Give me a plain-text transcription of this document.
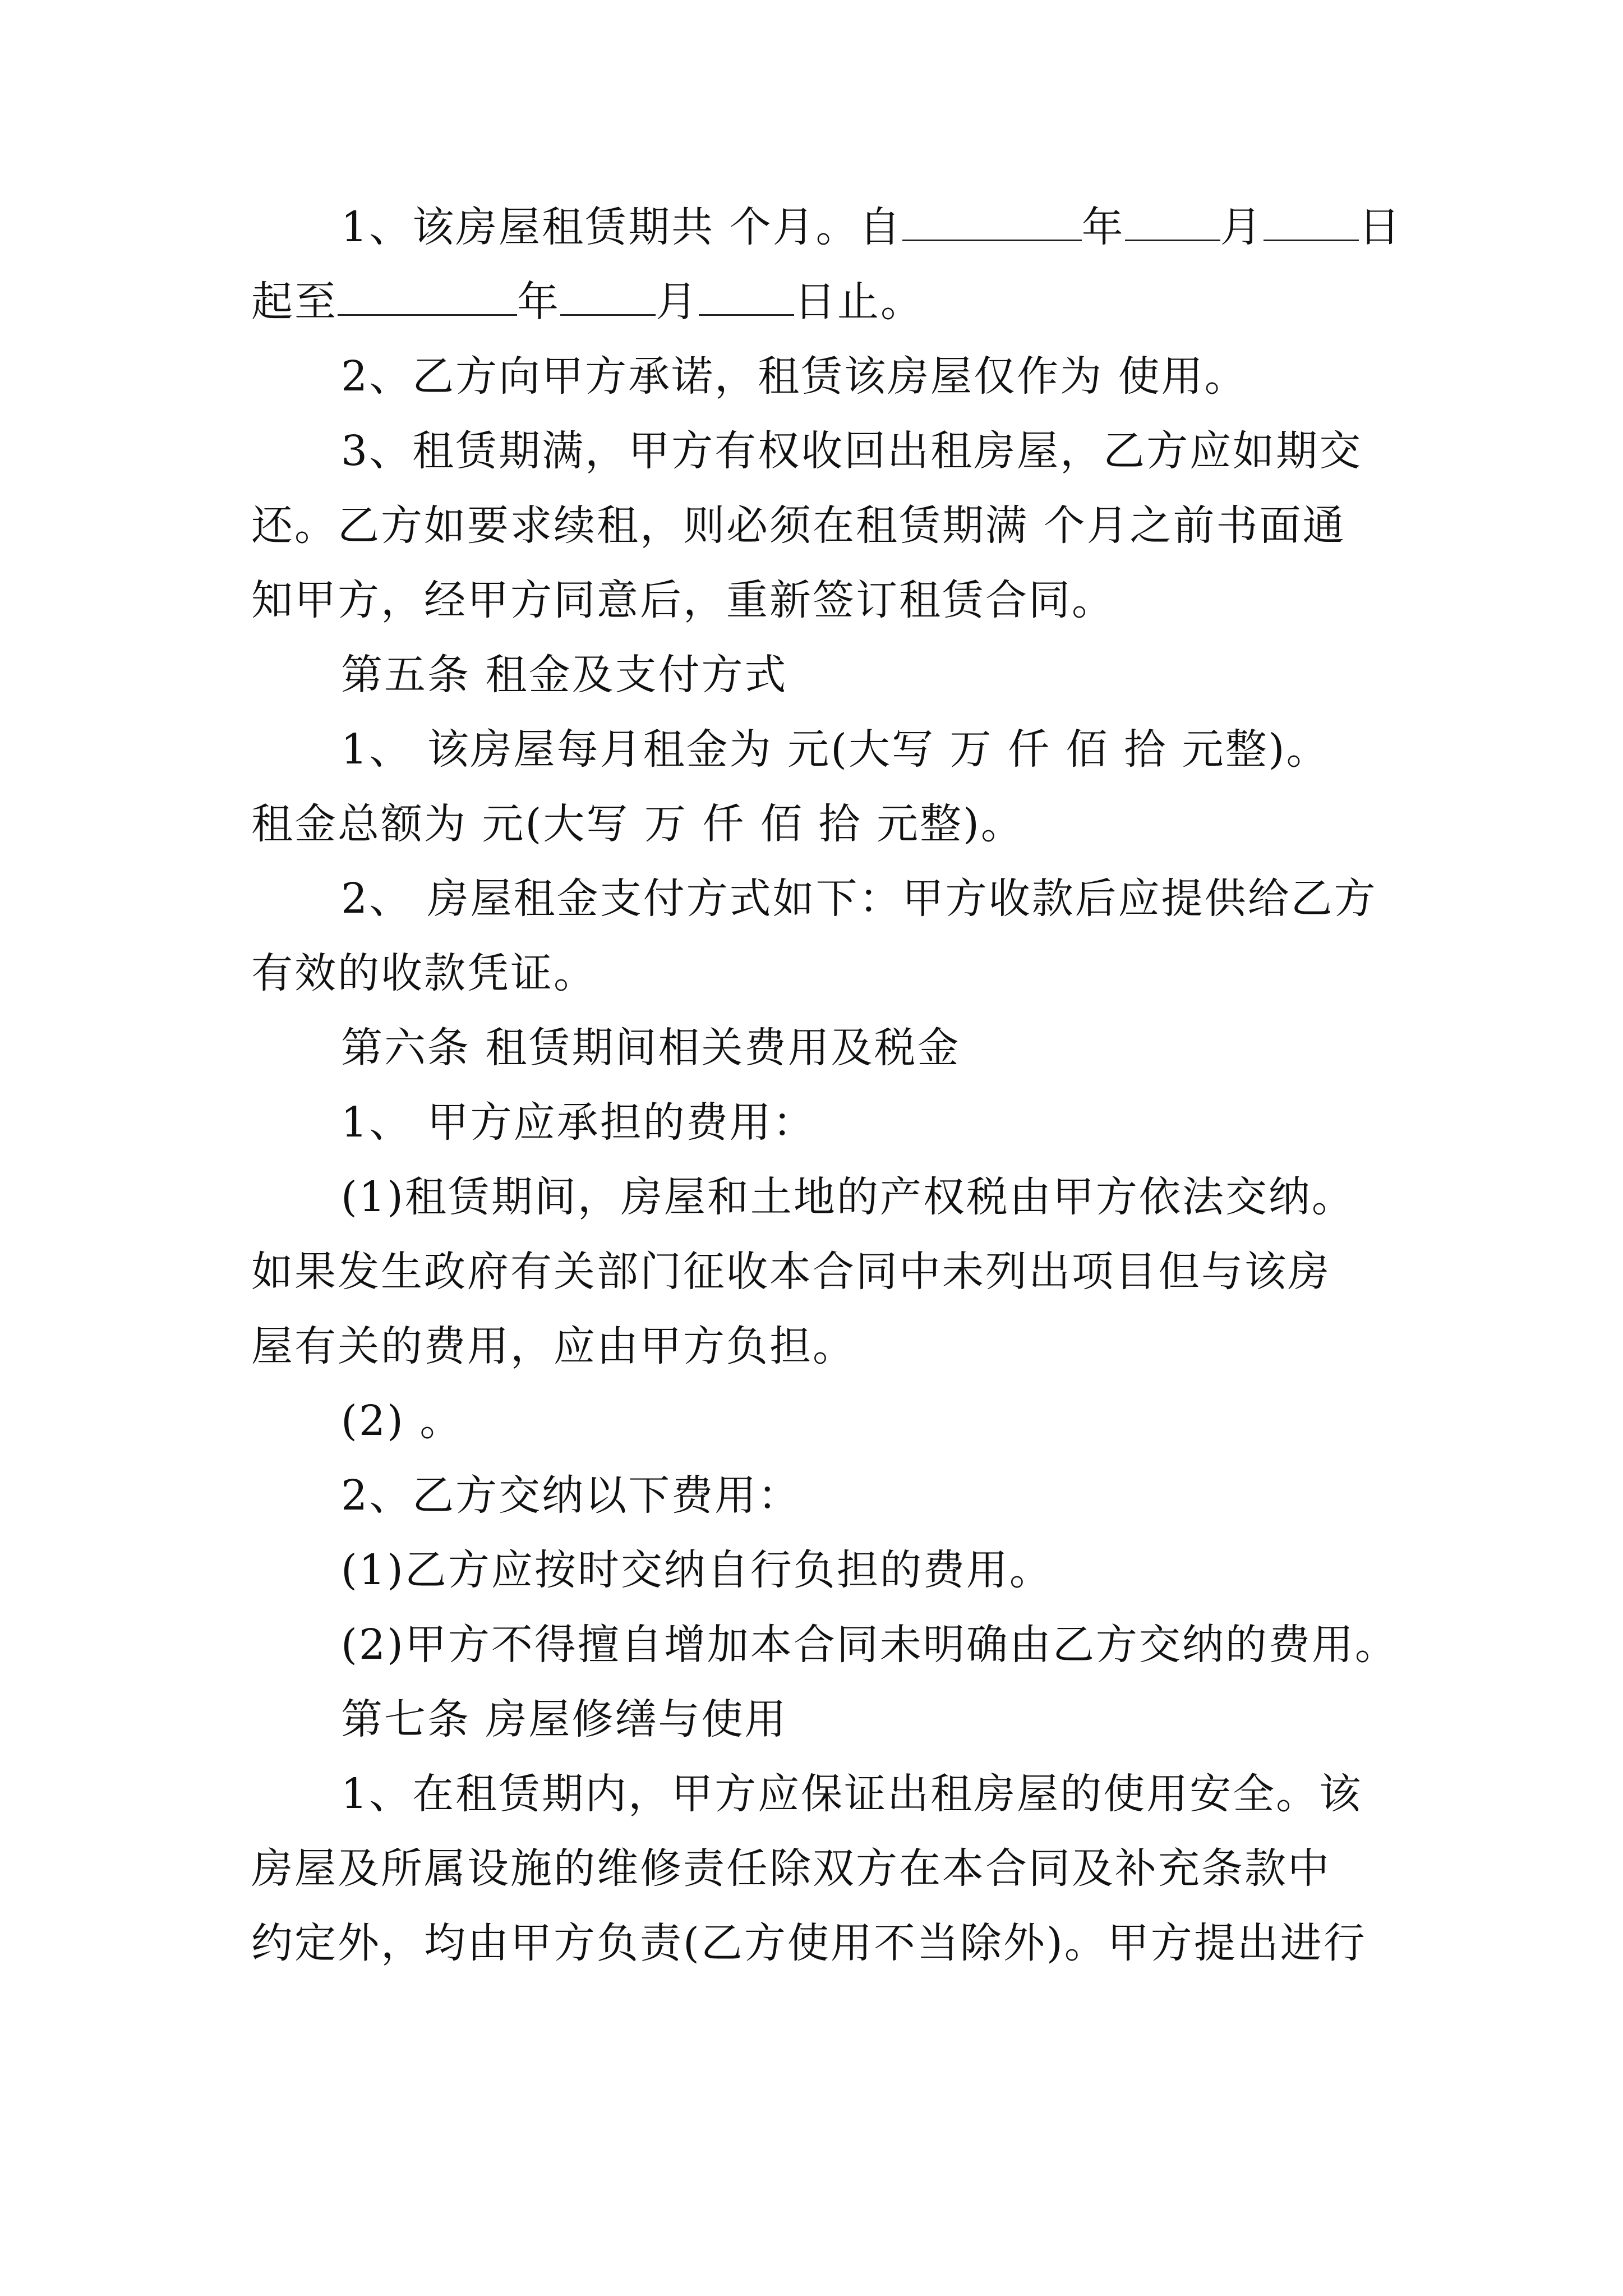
1、该房屋租赁期共 个月。自	年 月 日
起至	年 月 日止。
2、乙方向甲方承诺，租赁该房屋仅作为 使用。
3、租赁期满，甲方有权收回出租房屋，乙方应如期交
还。乙方如要求续租，则必须在租赁期满 个月之前书面通
知甲方，经甲方同意后，重新签订租赁合同。
第五条 租金及支付方式
1、 该房屋每月租金为 元(大写 万 仟 佰 拾 元整)。
租金总额为 元(大写 万 仟 佰 拾 元整)。
2、 房屋租金支付方式如下：甲方收款后应提供给乙方
有效的收款凭证。
第六条 租赁期间相关费用及税金
1、 甲方应承担的费用：
(1)租赁期间，房屋和土地的产权税由甲方依法交纳。
如果发生政府有关部门征收本合同中未列出项目但与该房
屋有关的费用，应由甲方负担。
(2) 。
2、乙方交纳以下费用：
(1)乙方应按时交纳自行负担的费用。
(2)甲方不得擅自增加本合同未明确由乙方交纳的费用。
第七条 房屋修缮与使用
1、在租赁期内，甲方应保证出租房屋的使用安全。该
房屋及所属设施的维修责任除双方在本合同及补充条款中
约定外，均由甲方负责(乙方使用不当除外)。甲方提出进行
